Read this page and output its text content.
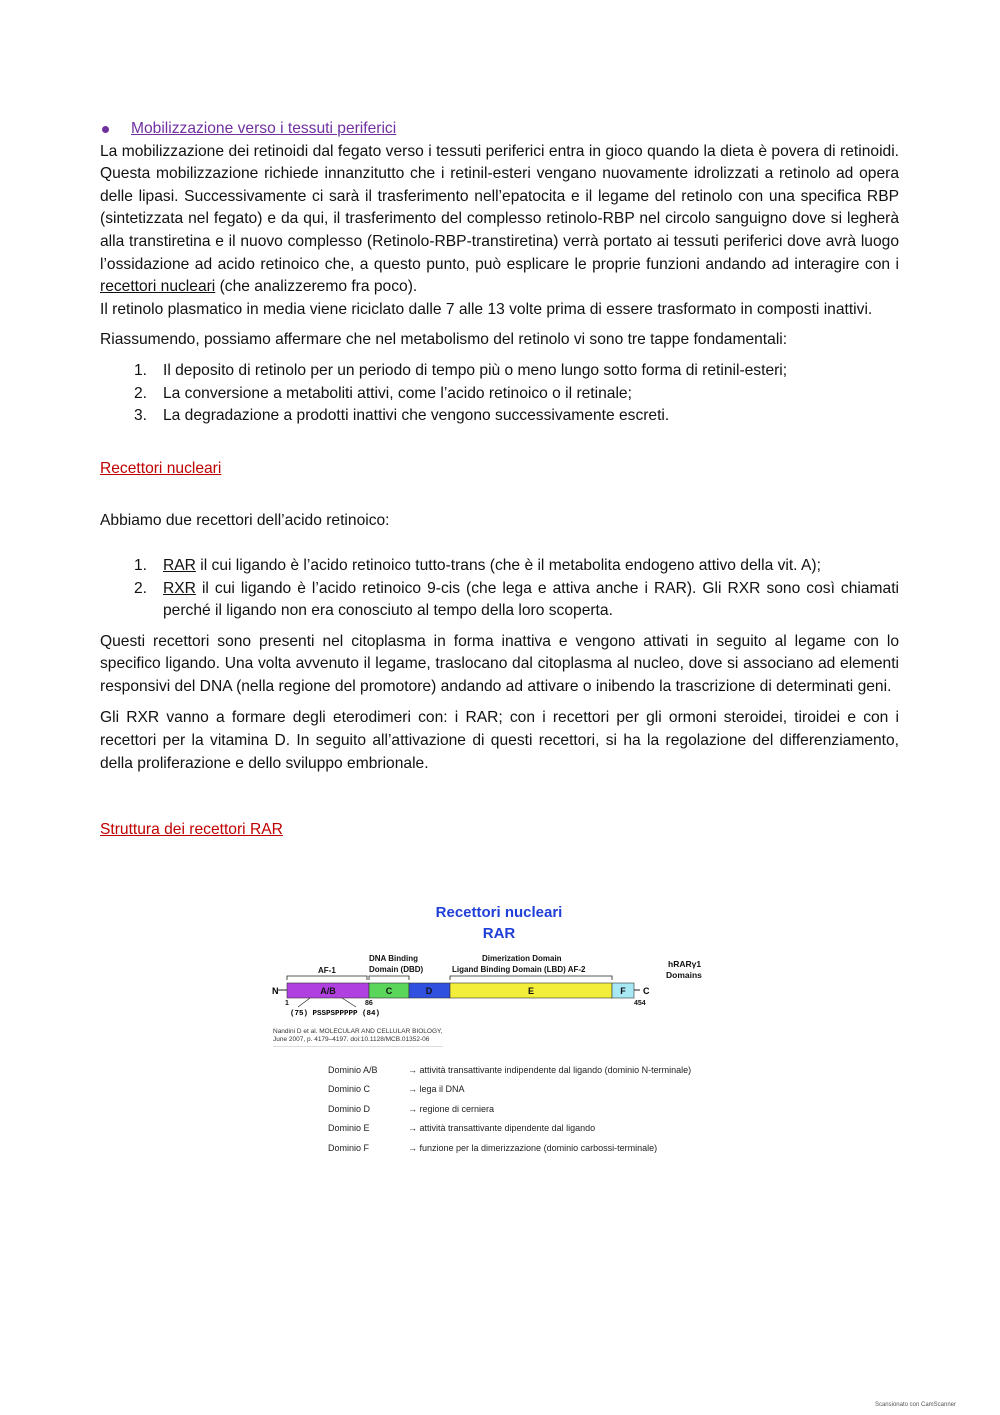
Mobilizzazione verso i tessuti periferici

La mobilizzazione dei retinoidi dal fegato verso i tessuti periferici entra in gioco quando la dieta è povera di retinoidi. Questa mobilizzazione richiede innanzitutto che i retinil-esteri vengano nuovamente idrolizzati a retinolo ad opera delle lipasi. Successivamente ci sarà il trasferimento nell’epatocita e il legame del retinolo con una specifica RBP (sintetizzata nel fegato) e da qui, il trasferimento del complesso retinolo-RBP nel circolo sanguigno dove si legherà alla transtiretina e il nuovo complesso (Retinolo-RBP-transtiretina) verrà portato ai tessuti periferici dove avrà luogo l’ossidazione ad acido retinoico che, a questo punto, può esplicare le proprie funzioni andando ad interagire con i recettori nucleari (che analizzeremo fra poco).

Il retinolo plasmatico in media viene riciclato dalle 7 alle 13 volte prima di essere trasformato in composti inattivi.

Riassumendo, possiamo affermare che nel metabolismo del retinolo vi sono tre tappe fondamentali:

1.	Il deposito di retinolo per un periodo di tempo più o meno lungo sotto forma di retinil-esteri;
2.	La conversione a metaboliti attivi, come l’acido retinoico o il retinale;
3.	La degradazione a prodotti inattivi che vengono successivamente escreti.
Recettori nucleari

Abbiamo due recettori dell’acido retinoico:

1.	RAR il cui ligando è l’acido retinoico tutto-trans (che è il metabolita endogeno attivo della vit. A);
2.	RXR il cui ligando è l’acido retinoico 9-cis (che lega e attiva anche i RAR). Gli RXR sono così chiamati perché il ligando non era conosciuto al tempo della loro scoperta.

Questi recettori sono presenti nel citoplasma in forma inattiva e vengono attivati in seguito al legame con lo specifico ligando. Una volta avvenuto il legame, traslocano dal citoplasma al nucleo, dove si associano ad elementi responsivi del DNA (nella regione del promotore) andando ad attivare o inibendo la trascrizione di determinati geni.

Gli RXR vanno a formare degli eterodimeri con: i RAR; con i recettori per gli ormoni steroidei, tiroidei e con i recettori per la vitamina D. In seguito all’attivazione di questi recettori, si ha la regolazione del differenziamento, della proliferazione e dello sviluppo embrionale.

Struttura dei recettori RAR
Recettori nucleari
RAR
AF-1
DNA Binding
Domain (DBD)
Dimerization Domain
Ligand Binding Domain (LBD) AF-2
hRARγ1
Domains
N	A/B	C	D	E	F C
1	86	454
(75) PSSPSPPPPP (84)
Nandini D et al. MOLECULAR AND CELLULAR BIOLOGY,
June 2007, p. 4179–4197. doi:10.1128/MCB.01352-06
Dominio A/B	→ attività transattivante indipendente dal ligando (dominio N-terminale)
Dominio C	→ lega il DNA
Dominio D	→ regione di cerniera
Dominio E	→ attività transattivante dipendente dal ligando
Dominio F	→ funzione per la dimerizzazione (dominio carbossi-terminale)
Scansionato con CamScanner
